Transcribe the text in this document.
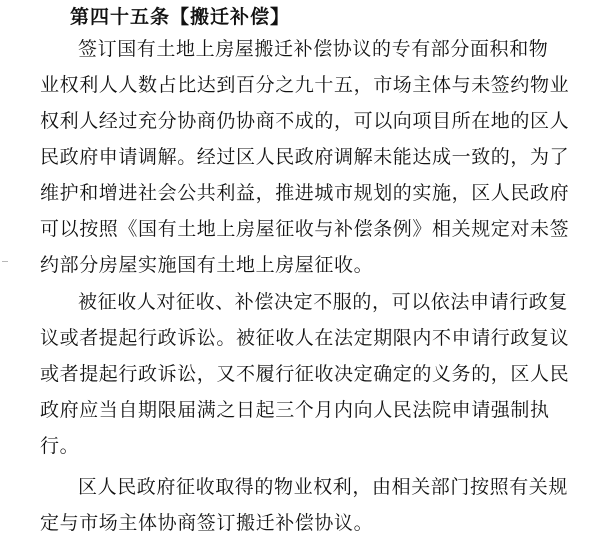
第四十五条【搬迁补偿】
签订国有土地上房屋搬迁补偿协议的专有部分面积和物
业权利人人数占比达到百分之九十五，市场主体与未签约物业
权利人经过充分协商仍协商不成的，可以向项目所在地的区人
民政府申请调解。经过区人民政府调解未能达成一致的，为了
维护和增进社会公共利益，推进城市规划的实施，区人民政府
可以按照《国有土地上房屋征收与补偿条例》相关规定对未签
约部分房屋实施国有土地上房屋征收。
被征收人对征收、补偿决定不服的，可以依法申请行政复
议或者提起行政诉讼。被征收人在法定期限内不申请行政复议
或者提起行政诉讼，又不履行征收决定确定的义务的，区人民
政府应当自期限届满之日起三个月内向人民法院申请强制执
行。
区人民政府征收取得的物业权利，由相关部门按照有关规
定与市场主体协商签订搬迁补偿协议。
